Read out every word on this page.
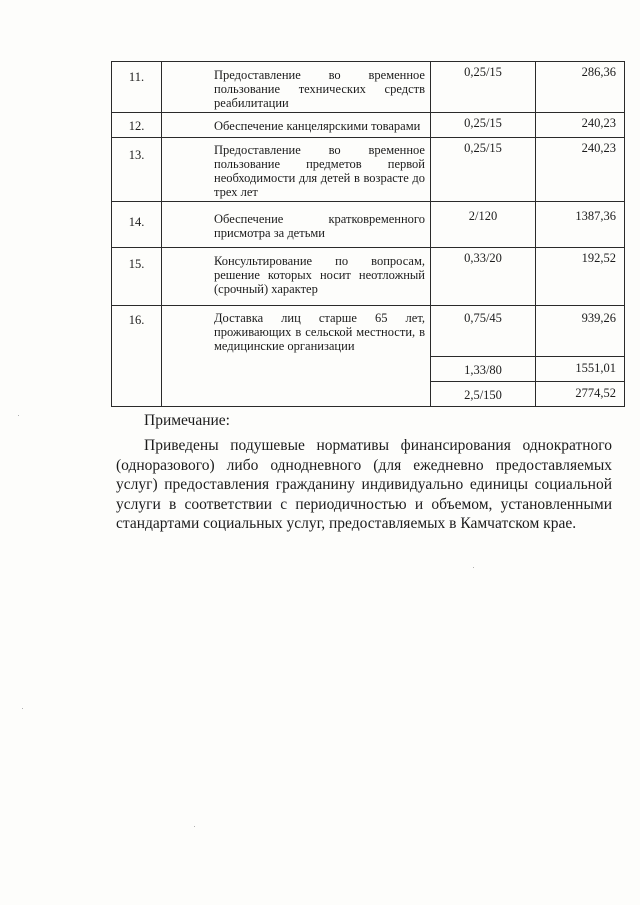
11.	Предоставление во временное пользование технических средств реабилитации	0,25/15	286,36
12.	Обеспечение канцелярскими товарами	0,25/15	240,23
13.	Предоставление во временное пользование предметов первой необходимости для детей в возрасте до трех лет	0,25/15	240,23
14.	Обеспечение кратковременного присмотра за детьми	2/120	1387,36
15.	Консультирование по вопросам, решение которых носит неотложный (срочный) характер	0,33/20	192,52
16.	Доставка лиц старше 65 лет, проживающих в сельской местности, в медицинские организации	0,75/45	939,26
		1,33/80	1551,01
		2,5/150	2774,52
Примечание:

Приведены подушевые нормативы финансирования однократного (одноразового) либо однодневного (для ежедневно предоставляемых услуг) предоставления гражданину индивидуально единицы социальной услуги в соответствии с периодичностью и объемом, установленными стандартами социальных услуг, предоставляемых в Камчатском крае.
